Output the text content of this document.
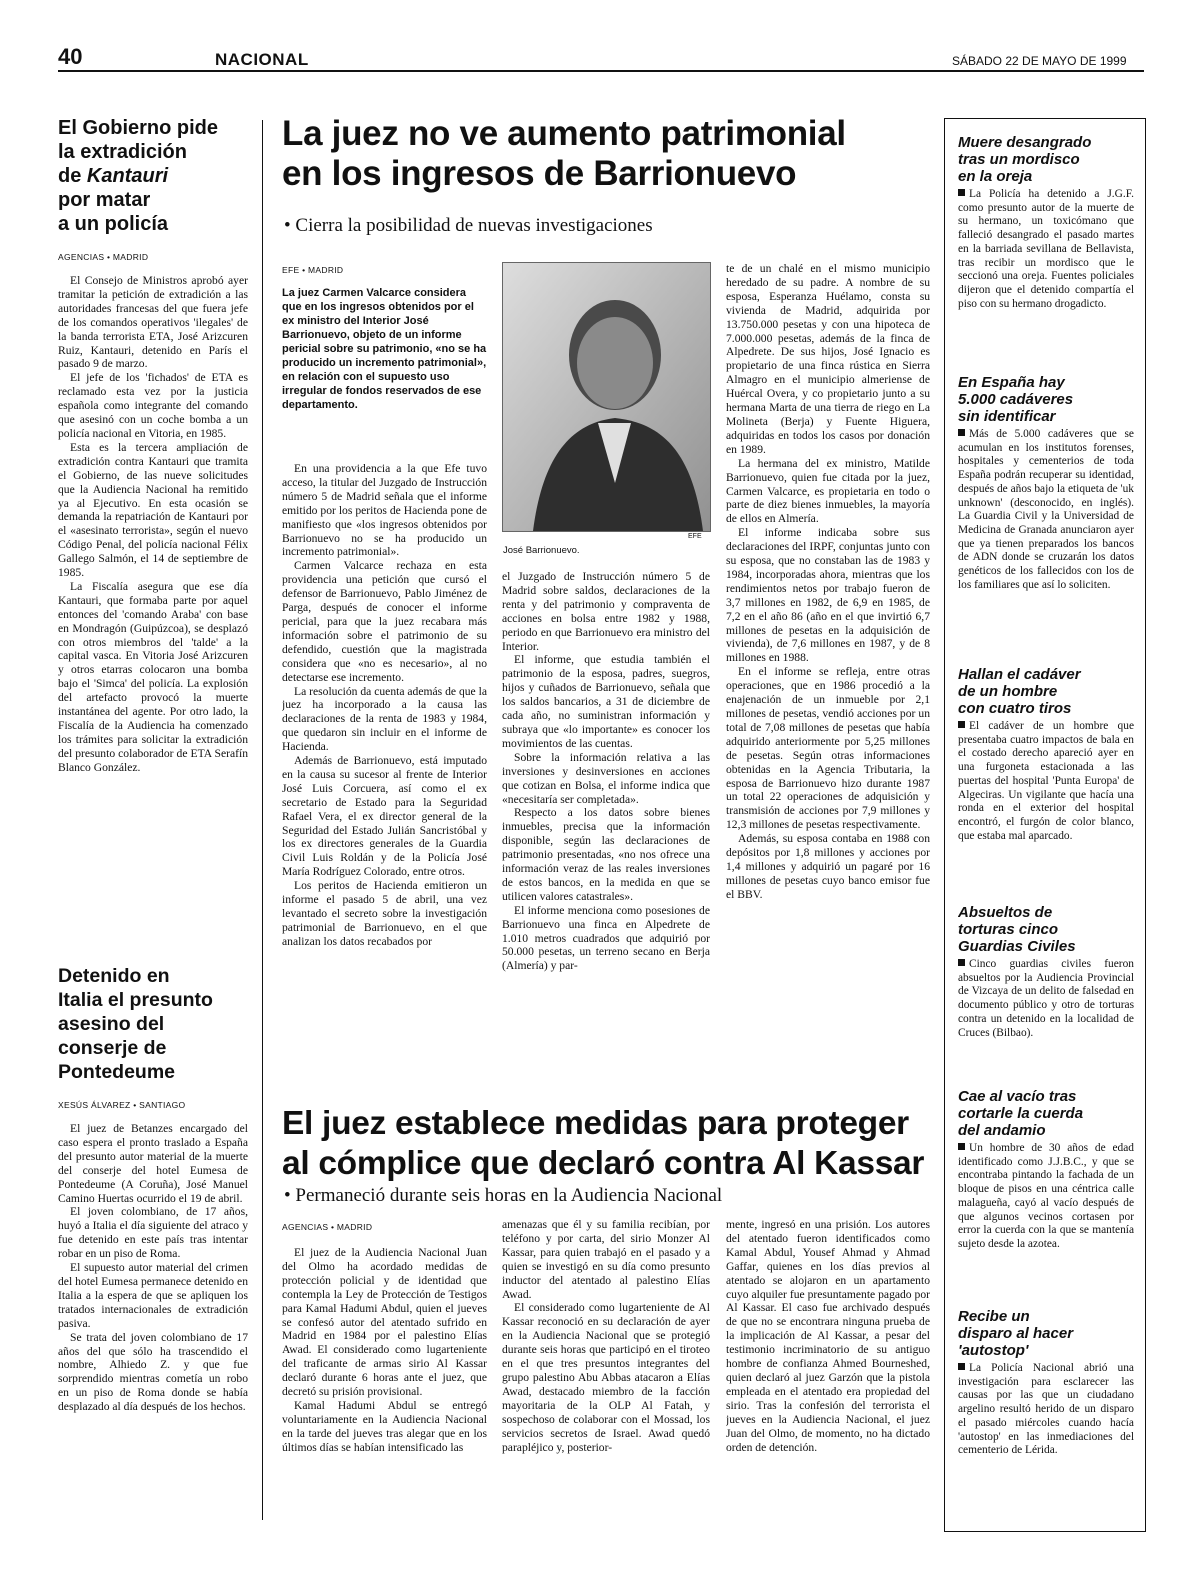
40	NACIONAL	SÁBADO 22 DE MAYO DE 1999
El Gobierno pide
la extradición
de Kantauri
por matar
a un policía
AGENCIAS • MADRID

El Consejo de Ministros aprobó ayer tramitar la petición de extradición a las autoridades francesas del que fuera jefe de los comandos operativos 'ilegales' de la banda terrorista ETA, José Arizcuren Ruiz, Kantauri, detenido en París el pasado 9 de marzo.

El jefe de los 'fichados' de ETA es reclamado esta vez por la justicia española como integrante del comando que asesinó con un coche bomba a un policía nacional en Vitoria, en 1985.

Esta es la tercera ampliación de extradición contra Kantauri que tramita el Gobierno, de las nueve solicitudes que la Audiencia Nacional ha remitido ya al Ejecutivo. En esta ocasión se demanda la repatriación de Kantauri por el «asesinato terrorista», según el nuevo Código Penal, del policía nacional Félix Gallego Salmón, el 14 de septiembre de 1985.

La Fiscalía asegura que ese día Kantauri, que formaba parte por aquel entonces del 'comando Araba' con base en Mondragón (Guipúzcoa), se desplazó con otros miembros del 'talde' a la capital vasca. En Vitoria José Arizcuren y otros etarras colocaron una bomba bajo el 'Simca' del policía. La explosión del artefacto provocó la muerte instantánea del agente. Por otro lado, la Fiscalía de la Audiencia ha comenzado los trámites para solicitar la extradición del presunto colaborador de ETA Serafín Blanco González.

Detenido en
Italia el presunto
asesino del
conserje de
Pontedeume
XESÚS ÁLVAREZ • SANTIAGO

El juez de Betanzes encargado del caso espera el pronto traslado a España del presunto autor material de la muerte del conserje del hotel Eumesa de Pontedeume (A Coruña), José Manuel Camino Huertas ocurrido el 19 de abril.

El joven colombiano, de 17 años, huyó a Italia el día siguiente del atraco y fue detenido en este país tras intentar robar en un piso de Roma.

El supuesto autor material del crimen del hotel Eumesa permanece detenido en Italia a la espera de que se apliquen los tratados internacionales de extradición pasiva.

Se trata del joven colombiano de 17 años del que sólo ha trascendido el nombre, Alhiedo Z. y que fue sorprendido mientras cometía un robo en un piso de Roma donde se había desplazado al día después de los hechos.

La juez no ve aumento patrimonial
en los ingresos de Barrionuevo
• Cierra la posibilidad de nuevas investigaciones
EFE • MADRID

La juez Carmen Valcarce considera que en los ingresos obtenidos por el ex ministro del Interior José Barrionuevo, objeto de un informe pericial sobre su patrimonio, «no se ha producido un incremento patrimonial», en relación con el supuesto uso irregular de fondos reservados de ese departamento.

En una providencia a la que Efe tuvo acceso, la titular del Juzgado de Instrucción número 5 de Madrid señala que el informe emitido por los peritos de Hacienda pone de manifiesto que «los ingresos obtenidos por Barrionuevo no se ha producido un incremento patrimonial».

Carmen Valcarce rechaza en esta providencia una petición que cursó el defensor de Barrionuevo, Pablo Jiménez de Parga, después de conocer el informe pericial, para que la juez recabara más información sobre el patrimonio de su defendido, cuestión que la magistrada considera que «no es necesario», al no detectarse ese incremento.

La resolución da cuenta además de que la juez ha incorporado a la causa las declaraciones de la renta de 1983 y 1984, que quedaron sin incluir en el informe de Hacienda.

Además de Barrionuevo, está imputado en la causa su sucesor al frente de Interior José Luis Corcuera, así como el ex secretario de Estado para la Seguridad Rafael Vera, el ex director general de la Seguridad del Estado Julián Sancristóbal y los ex directores generales de la Guardia Civil Luis Roldán y de la Policía José María Rodríguez Colorado, entre otros.

Los peritos de Hacienda emitieron un informe el pasado 5 de abril, una vez levantado el secreto sobre la investigación patrimonial de Barrionuevo, en el que analizan los datos recabados por

José Barrionuevo.
EFE

el Juzgado de Instrucción número 5 de Madrid sobre saldos, declaraciones de la renta y del patrimonio y compraventa de acciones en bolsa entre 1982 y 1988, periodo en que Barrionuevo era ministro del Interior.

El informe, que estudia también el patrimonio de la esposa, padres, suegros, hijos y cuñados de Barrionuevo, señala que los saldos bancarios, a 31 de diciembre de cada año, no suministran información y subraya que «lo importante» es conocer los movimientos de las cuentas.

Sobre la información relativa a las inversiones y desinversiones en acciones que cotizan en Bolsa, el informe indica que «necesitaría ser completada».

Respecto a los datos sobre bienes inmuebles, precisa que la información disponible, según las declaraciones de patrimonio presentadas, «no nos ofrece una información veraz de las reales inversiones de estos bancos, en la medida en que se utilicen valores catastrales».

El informe menciona como posesiones de Barrionuevo una finca en Alpedrete de 1.010 metros cuadrados que adquirió por 50.000 pesetas, un terreno secano en Berja (Almería) y par-

te de un chalé en el mismo municipio heredado de su padre. A nombre de su esposa, Esperanza Huélamo, consta su vivienda de Madrid, adquirida por 13.750.000 pesetas y con una hipoteca de 7.000.000 pesetas, además de la finca de Alpedrete. De sus hijos, José Ignacio es propietario de una finca rústica en Sierra Almagro en el municipio almeriense de Huércal Overa, y co propietario junto a su hermana Marta de una tierra de riego en La Molineta (Berja) y Fuente Higuera, adquiridas en todos los casos por donación en 1989.

La hermana del ex ministro, Matilde Barrionuevo, quien fue citada por la juez, Carmen Valcarce, es propietaria en todo o parte de diez bienes inmuebles, la mayoría de ellos en Almería.

El informe indicaba sobre sus declaraciones del IRPF, conjuntas junto con su esposa, que no constaban las de 1983 y 1984, incorporadas ahora, mientras que los rendimientos netos por trabajo fueron de 3,7 millones en 1982, de 6,9 en 1985, de 7,2 en el año 86 (año en el que invirtió 6,7 millones de pesetas en la adquisición de vivienda), de 7,6 millones en 1987, y de 8 millones en 1988.

En el informe se refleja, entre otras operaciones, que en 1986 procedió a la enajenación de un inmueble por 2,1 millones de pesetas, vendió acciones por un total de 7,08 millones de pesetas que había adquirido anteriormente por 5,25 millones de pesetas. Según otras informaciones obtenidas en la Agencia Tributaria, la esposa de Barrionuevo hizo durante 1987 un total 22 operaciones de adquisición y transmisión de acciones por 7,9 millones y 12,3 millones de pesetas respectivamente.

Además, su esposa contaba en 1988 con depósitos por 1,8 millones y acciones por 1,4 millones y adquirió un pagaré por 16 millones de pesetas cuyo banco emisor fue el BBV.

El juez establece medidas para proteger
al cómplice que declaró contra Al Kassar
• Permaneció durante seis horas en la Audiencia Nacional
AGENCIAS • MADRID

El juez de la Audiencia Nacional Juan del Olmo ha acordado medidas de protección policial y de identidad que contempla la Ley de Protección de Testigos para Kamal Hadumi Abdul, quien el jueves se confesó autor del atentado sufrido en Madrid en 1984 por el palestino Elías Awad. El considerado como lugarteniente del traficante de armas sirio Al Kassar declaró durante 6 horas ante el juez, que decretó su prisión provisional.

Kamal Hadumi Abdul se entregó voluntariamente en la Audiencia Nacional en la tarde del jueves tras alegar que en los últimos días se habían intensificado las

amenazas que él y su familia recibían, por teléfono y por carta, del sirio Monzer Al Kassar, para quien trabajó en el pasado y a quien se investigó en su día como presunto inductor del atentado al palestino Elías Awad.

El considerado como lugarteniente de Al Kassar reconoció en su declaración de ayer en la Audiencia Nacional que se protegió durante seis horas que participó en el tiroteo en el que tres presuntos integrantes del grupo palestino Abu Abbas atacaron a Elías Awad, destacado miembro de la facción mayoritaria de la OLP Al Fatah, y sospechoso de colaborar con el Mossad, los servicios secretos de Israel. Awad quedó parapléjico y, posterior-

mente, ingresó en una prisión. Los autores del atentado fueron identificados como Kamal Abdul, Yousef Ahmad y Ahmad Gaffar, quienes en los días previos al atentado se alojaron en un apartamento cuyo alquiler fue presuntamente pagado por Al Kassar. El caso fue archivado después de que no se encontrara ninguna prueba de la implicación de Al Kassar, a pesar del testimonio incriminatorio de su antiguo hombre de confianza Ahmed Bourneshed, quien declaró al juez Garzón que la pistola empleada en el atentado era propiedad del sirio. Tras la confesión del terrorista el jueves en la Audiencia Nacional, el juez Juan del Olmo, de momento, no ha dictado orden de detención.

Muere desangrado
tras un mordisco
en la oreja
La Policía ha detenido a J.G.F. como presunto autor de la muerte de su hermano, un toxicómano que falleció desangrado el pasado martes en la barriada sevillana de Bellavista, tras recibir un mordisco que le seccionó una oreja. Fuentes policiales dijeron que el detenido compartía el piso con su hermano drogadicto.
En España hay
5.000 cadáveres
sin identificar
Más de 5.000 cadáveres que se acumulan en los institutos forenses, hospitales y cementerios de toda España podrán recuperar su identidad, después de años bajo la etiqueta de 'uk unknown' (desconocido, en inglés). La Guardia Civil y la Universidad de Medicina de Granada anunciaron ayer que ya tienen preparados los bancos de ADN donde se cruzarán los datos genéticos de los fallecidos con los de los familiares que así lo soliciten.
Hallan el cadáver
de un hombre
con cuatro tiros
El cadáver de un hombre que presentaba cuatro impactos de bala en el costado derecho apareció ayer en una furgoneta estacionada a las puertas del hospital 'Punta Europa' de Algeciras. Un vigilante que hacía una ronda en el exterior del hospital encontró, el furgón de color blanco, que estaba mal aparcado.
Absueltos de
torturas cinco
Guardias Civiles
Cinco guardias civiles fueron absueltos por la Audiencia Provincial de Vizcaya de un delito de falsedad en documento público y otro de torturas contra un detenido en la localidad de Cruces (Bilbao).
Cae al vacío tras
cortarle la cuerda
del andamio
Un hombre de 30 años de edad identificado como J.J.B.C., y que se encontraba pintando la fachada de un bloque de pisos en una céntrica calle malagueña, cayó al vacío después de que algunos vecinos cortasen por error la cuerda con la que se mantenía sujeto desde la azotea.
Recibe un
disparo al hacer
'autostop'
La Policía Nacional abrió una investigación para esclarecer las causas por las que un ciudadano argelino resultó herido de un disparo el pasado miércoles cuando hacía 'autostop' en las inmediaciones del cementerio de Lérida.
